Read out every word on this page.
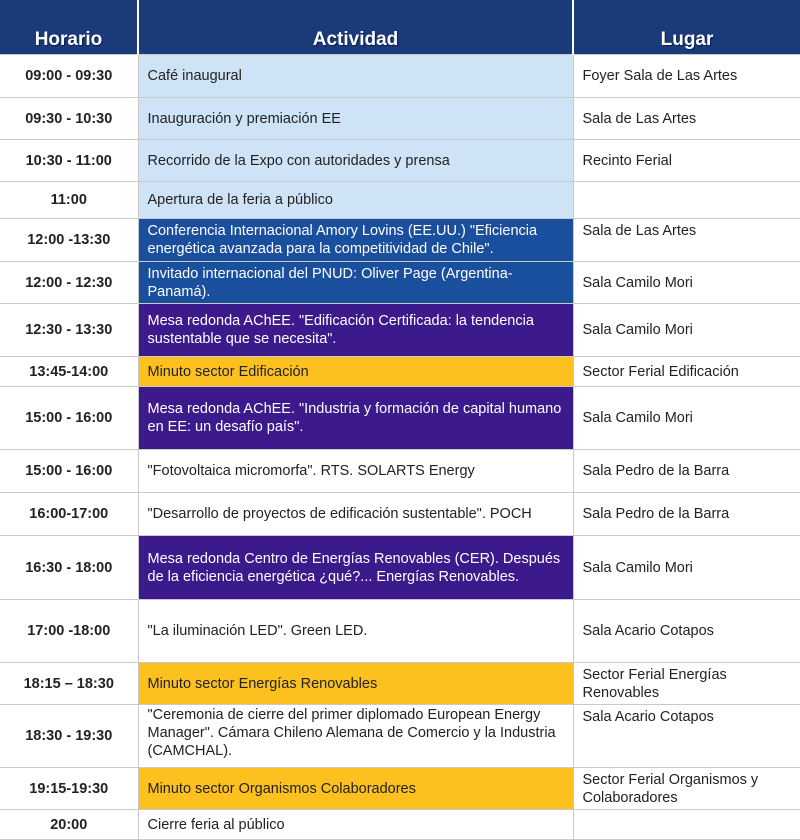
Horario	Actividad	Lugar
09:00 - 09:30	Café inaugural	Foyer Sala de Las Artes
09:30 - 10:30	Inauguración y premiación EE	Sala de Las Artes
10:30 - 11:00	Recorrido de la Expo con autoridades y prensa	Recinto Ferial
11:00	Apertura de la feria a público	
12:00 -13:30	Conferencia Internacional Amory Lovins (EE.UU.) "Eficiencia energética avanzada para la competitividad de Chile".	Sala de Las Artes
12:00 - 12:30	Invitado internacional del PNUD: Oliver Page (Argentina-Panamá).	Sala Camilo Mori
12:30 - 13:30	Mesa redonda AChEE. "Edificación Certificada: la tendencia sustentable que se necesita".	Sala Camilo Mori
13:45-14:00	Minuto sector Edificación	Sector Ferial Edificación
15:00 - 16:00	Mesa redonda AChEE. "Industria y formación de capital humano en EE: un desafío país".	Sala Camilo Mori
15:00 - 16:00	"Fotovoltaica micromorfa". RTS. SOLARTS Energy	Sala Pedro de la Barra
16:00-17:00	"Desarrollo de proyectos de edificación sustentable". POCH	Sala Pedro de la Barra
16:30 - 18:00	Mesa redonda Centro de Energías Renovables (CER). Después de la eficiencia energética ¿qué?... Energías Renovables.	Sala Camilo Mori
17:00 -18:00	"La iluminación LED". Green LED.	Sala Acario Cotapos
18:15 – 18:30	Minuto sector Energías Renovables	Sector Ferial Energías Renovables
18:30 - 19:30	"Ceremonia de cierre del primer diplomado European Energy Manager". Cámara Chileno Alemana de Comercio y la Industria (CAMCHAL).	Sala Acario Cotapos
19:15-19:30	Minuto sector Organismos Colaboradores	Sector Ferial Organismos y Colaboradores
20:00	Cierre feria al público	
